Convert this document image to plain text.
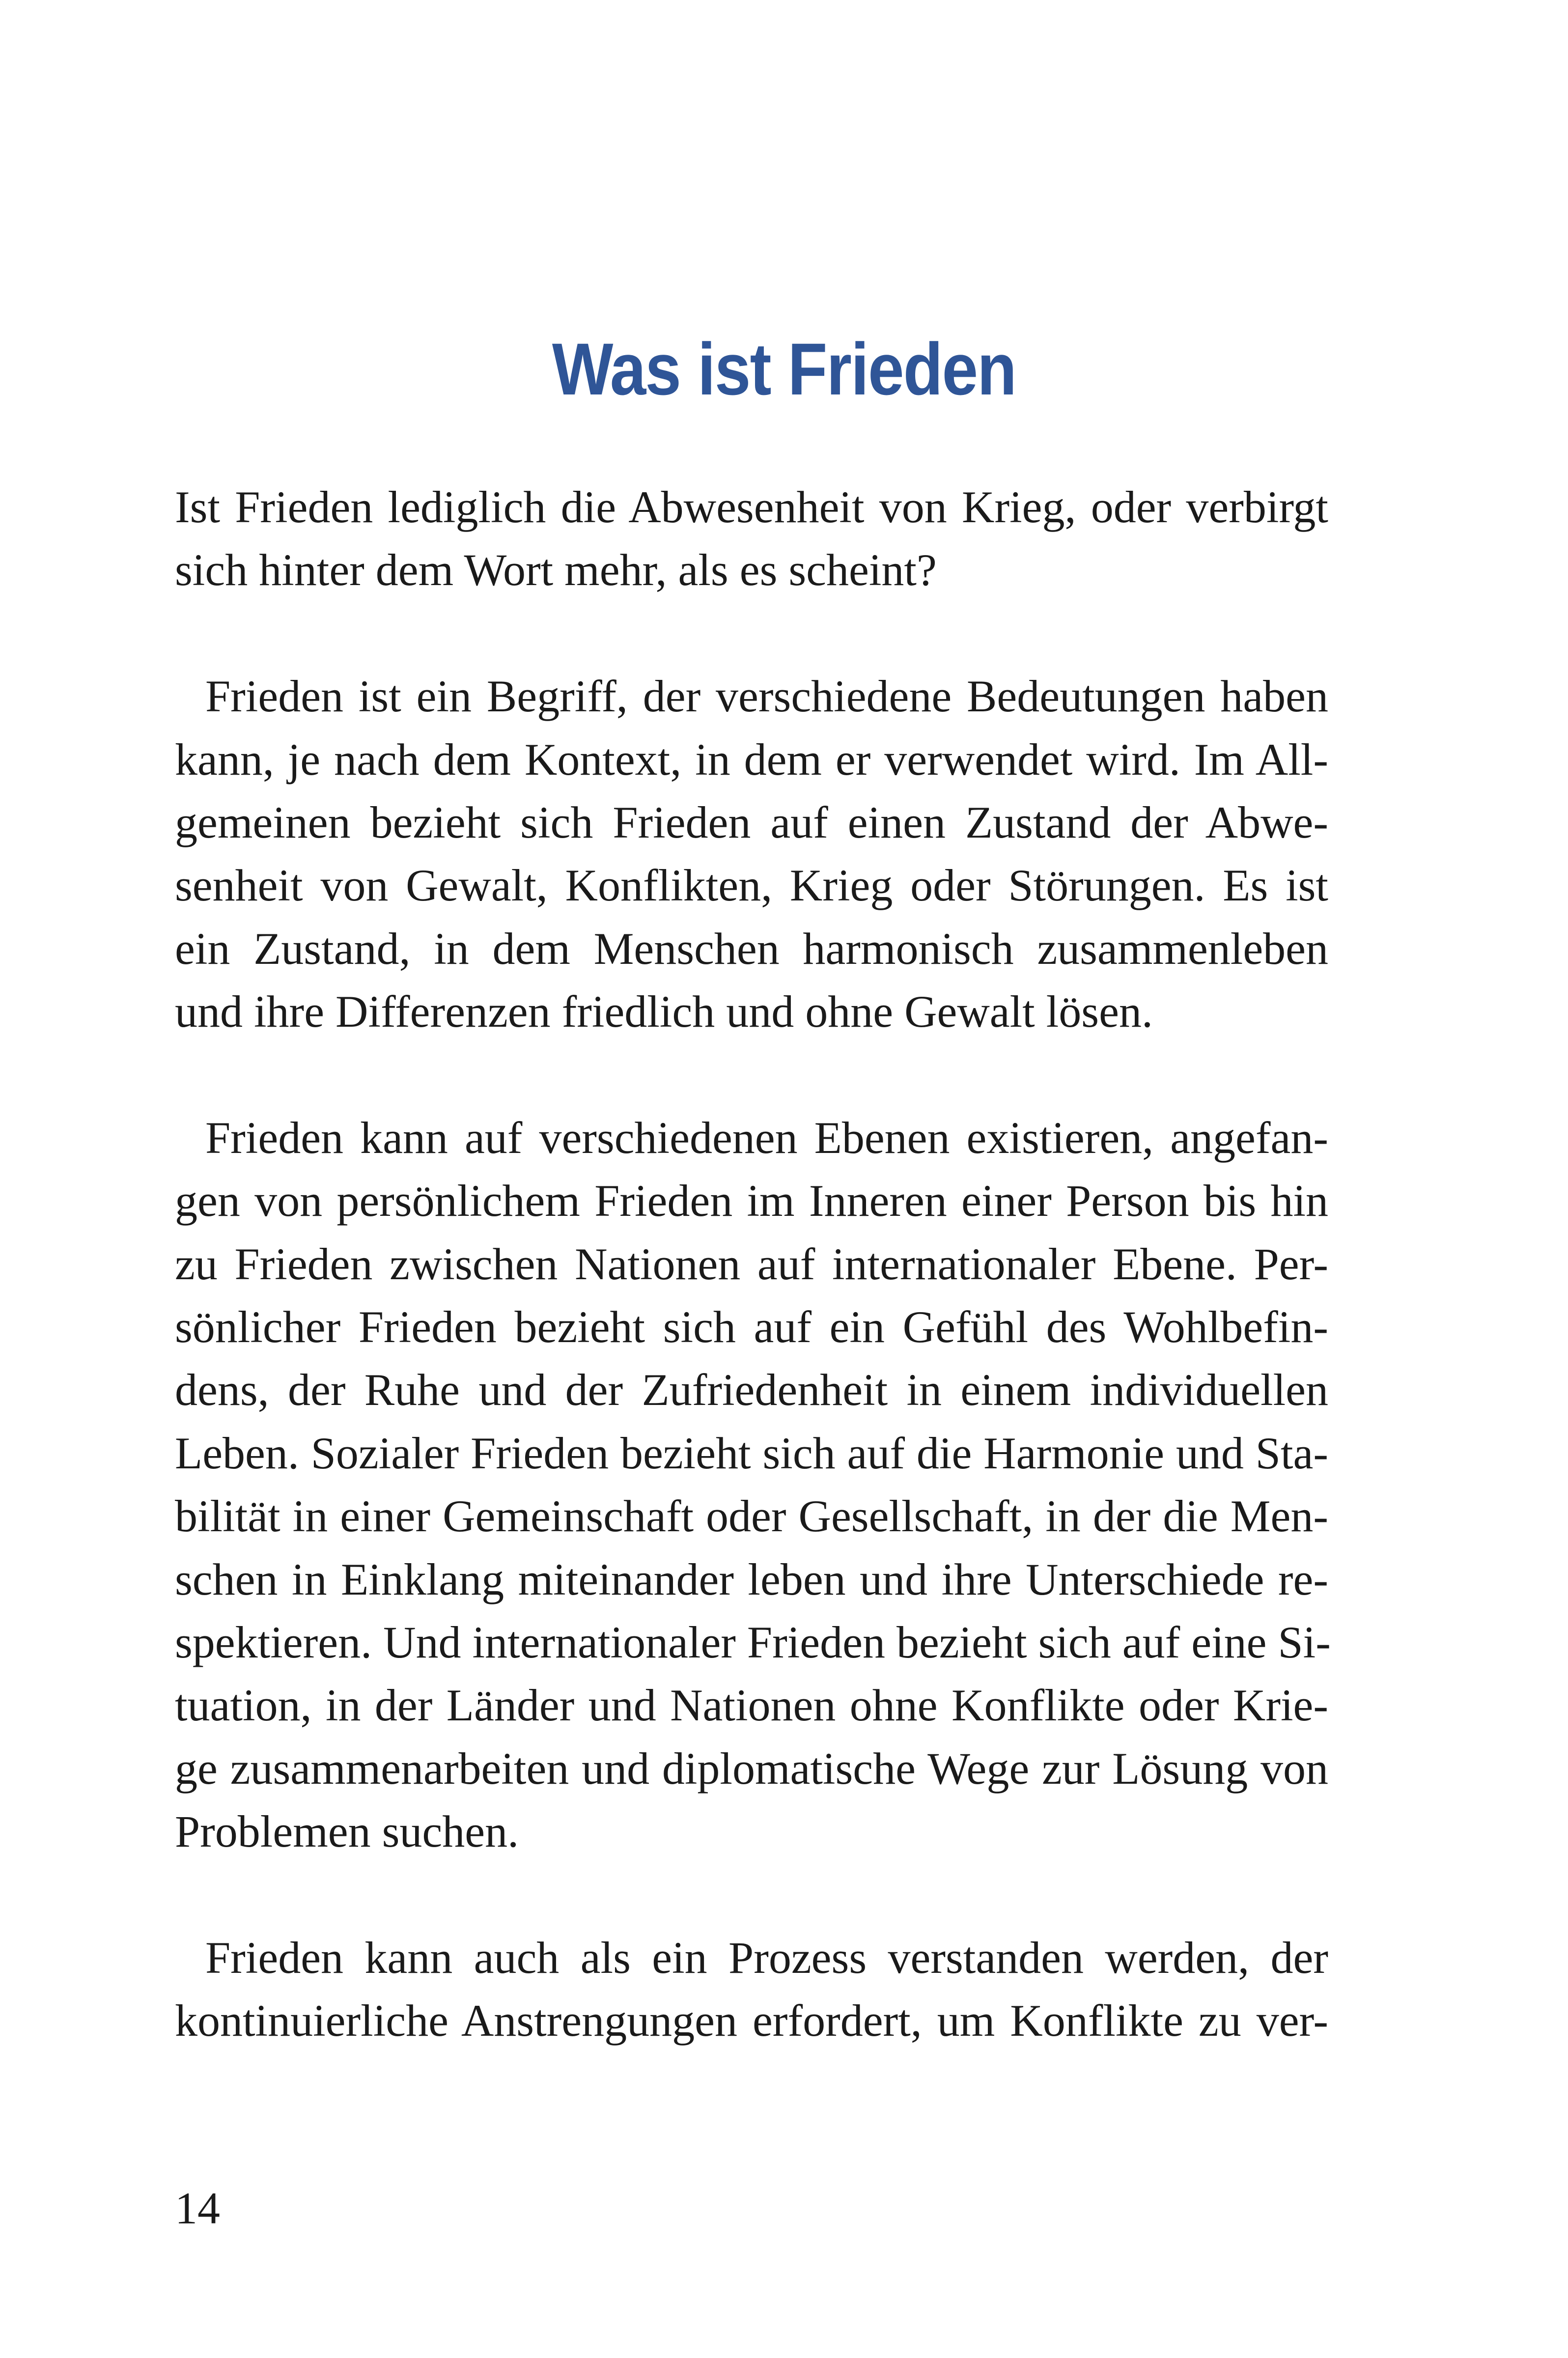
Was ist Frieden
Ist Frieden lediglich die Abwesenheit von Krieg, oder verbirgt
sich hinter dem Wort mehr, als es scheint?
Frieden ist ein Begriff, der verschiedene Bedeutungen haben
kann, je nach dem Kontext, in dem er verwendet wird. Im All-
gemeinen bezieht sich Frieden auf einen Zustand der Abwe-
senheit von Gewalt, Konflikten, Krieg oder Störungen. Es ist
ein Zustand, in dem Menschen harmonisch zusammenleben
und ihre Differenzen friedlich und ohne Gewalt lösen.
Frieden kann auf verschiedenen Ebenen existieren, angefan-
gen von persönlichem Frieden im Inneren einer Person bis hin
zu Frieden zwischen Nationen auf internationaler Ebene. Per-
sönlicher Frieden bezieht sich auf ein Gefühl des Wohlbefin-
dens, der Ruhe und der Zufriedenheit in einem individuellen
Leben. Sozialer Frieden bezieht sich auf die Harmonie und Sta-
bilität in einer Gemeinschaft oder Gesellschaft, in der die Men-
schen in Einklang miteinander leben und ihre Unterschiede re-
spektieren. Und internationaler Frieden bezieht sich auf eine Si-
tuation, in der Länder und Nationen ohne Konflikte oder Krie-
ge zusammenarbeiten und diplomatische Wege zur Lösung von
Problemen suchen.
Frieden kann auch als ein Prozess verstanden werden, der
kontinuierliche Anstrengungen erfordert, um Konflikte zu ver-
14
